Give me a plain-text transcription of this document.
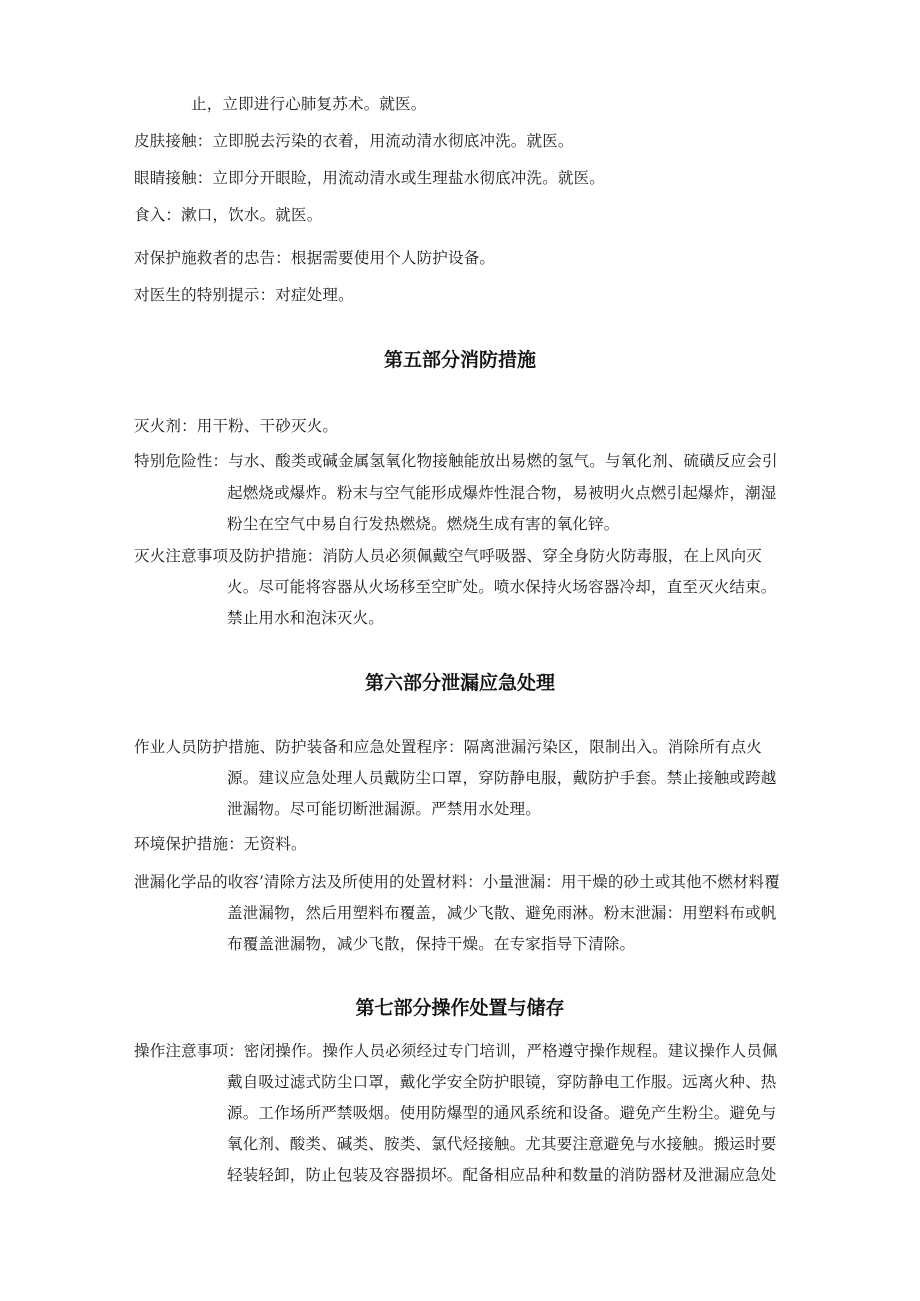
止，立即进行心肺复苏术。就医。
皮肤接触：立即脱去污染的衣着，用流动清水彻底冲洗。就医。
眼睛接触：立即分开眼睑，用流动清水或生理盐水彻底冲洗。就医。
食入：漱口，饮水。就医。
对保护施救者的忠告：根据需要使用个人防护设备。
对医生的特别提示：对症处理。
第五部分消防措施
灭火剂：用干粉、干砂灭火。
特别危险性：与水、酸类或碱金属氢氧化物接触能放出易燃的氢气。与氧化剂、硫磺反应会引
起燃烧或爆炸。粉末与空气能形成爆炸性混合物，易被明火点燃引起爆炸，潮湿
粉尘在空气中易自行发热燃烧。燃烧生成有害的氧化锌。
灭火注意事项及防护措施：消防人员必须佩戴空气呼吸器、穿全身防火防毒服，在上风向灭
火。尽可能将容器从火场移至空旷处。喷水保持火场容器冷却，直至灭火结束。
禁止用水和泡沫灭火。
第六部分泄漏应急处理
作业人员防护措施、防护装备和应急处置程序：隔离泄漏污染区，限制出入。消除所有点火
源。建议应急处理人员戴防尘口罩，穿防静电服，戴防护手套。禁止接触或跨越
泄漏物。尽可能切断泄漏源。严禁用水处理。
环境保护措施：无资料。
泄漏化学品的收容’清除方法及所使用的处置材料：小量泄漏：用干燥的砂土或其他不燃材料覆
盖泄漏物，然后用塑料布覆盖，减少飞散、避免雨淋。粉末泄漏：用塑料布或帆
布覆盖泄漏物，减少飞散，保持干燥。在专家指导下清除。
第七部分操作处置与储存
操作注意事项：密闭操作。操作人员必须经过专门培训，严格遵守操作规程。建议操作人员佩
戴自吸过滤式防尘口罩，戴化学安全防护眼镜，穿防静电工作服。远离火种、热
源。工作场所严禁吸烟。使用防爆型的通风系统和设备。避免产生粉尘。避免与
氧化剂、酸类、碱类、胺类、氯代烃接触。尤其要注意避免与水接触。搬运时要
轻装轻卸，防止包装及容器损坏。配备相应品种和数量的消防器材及泄漏应急处
